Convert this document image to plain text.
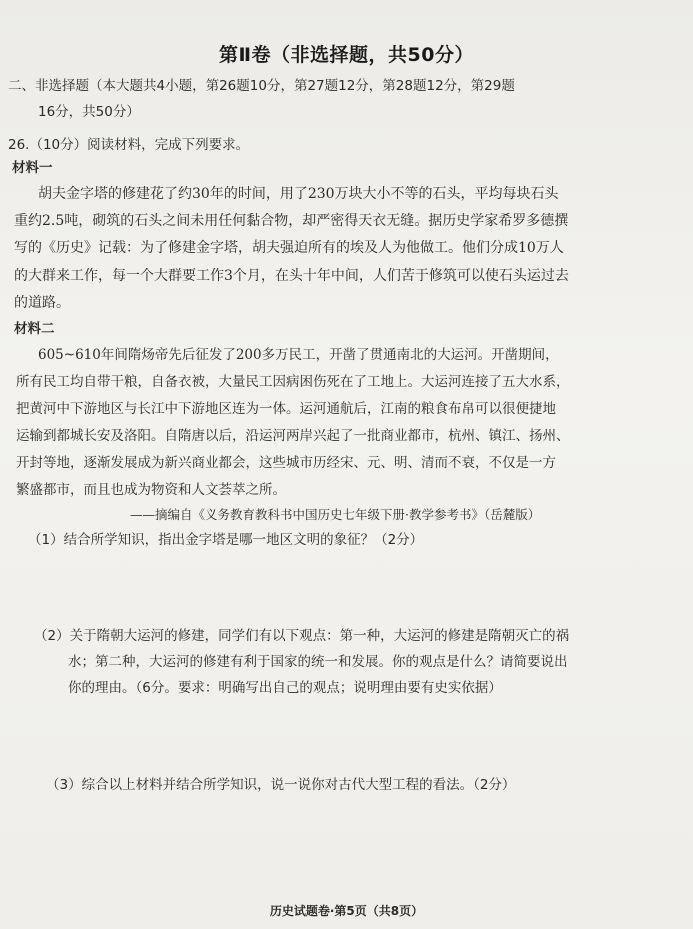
第Ⅱ卷（非选择题，共50分）
二、非选择题（本大题共4小题，第26题10分，第27题12分，第28题12分，第29题
16分，共50分）
26.（10分）阅读材料，完成下列要求。
材料一
胡夫金字塔的修建花了约30年的时间，用了230万块大小不等的石头，平均每块石头
重约2.5吨，砌筑的石头之间未用任何黏合物，却严密得天衣无缝。据历史学家希罗多德撰
写的《历史》记载：为了修建金字塔，胡夫强迫所有的埃及人为他做工。他们分成10万人
的大群来工作，每一个大群要工作3个月，在头十年中间，人们苦于修筑可以使石头运过去
的道路。
材料二
605~610年间隋炀帝先后征发了200多万民工，开凿了贯通南北的大运河。开凿期间，
所有民工均自带干粮，自备衣被，大量民工因病困伤死在了工地上。大运河连接了五大水系，
把黄河中下游地区与长江中下游地区连为一体。运河通航后，江南的粮食布帛可以很便捷地
运输到都城长安及洛阳。自隋唐以后，沿运河两岸兴起了一批商业都市，杭州、镇江、扬州、
开封等地，逐渐发展成为新兴商业都会，这些城市历经宋、元、明、清而不衰，不仅是一方
繁盛都市，而且也成为物资和人文荟萃之所。
——摘编自《义务教育教科书中国历史七年级下册·教学参考书》（岳麓版）
（1）结合所学知识，指出金字塔是哪一地区文明的象征？（2分）
（2）关于隋朝大运河的修建，同学们有以下观点：第一种，大运河的修建是隋朝灭亡的祸
水；第二种，大运河的修建有利于国家的统一和发展。你的观点是什么？请简要说出
你的理由。（6分。要求：明确写出自己的观点；说明理由要有史实依据）
（3）综合以上材料并结合所学知识，说一说你对古代大型工程的看法。（2分）
历史试题卷·第5页（共8页）
